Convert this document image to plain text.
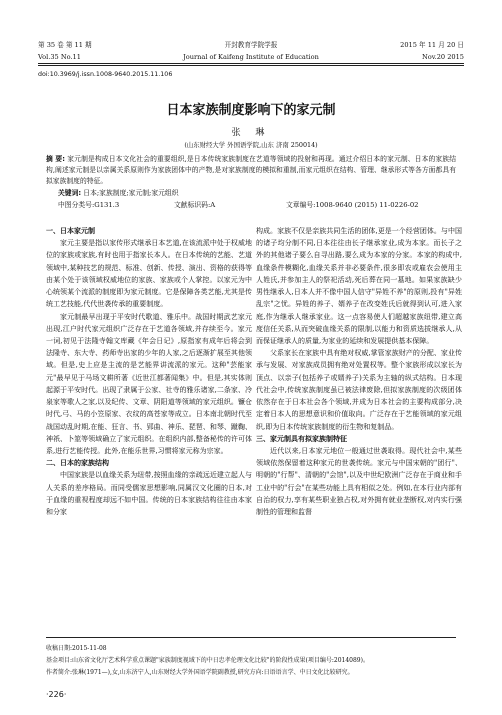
第 35 卷 第 11 期	开封教育学院学报	2015 年 11 月 20 日
Vol.35 No.11	Journal of Kaifeng Institute of Education	Nov.20 2015
doi:10.3969/j.issn.1008-9640.2015.11.106
日本家族制度影响下的家元制
张 琳
(山东财经大学 外国语学院,山东 济南 250014)
摘 要: 家元制是构成日本文化社会的重要组织,是日本传统家族制度在艺道等领域的投射和再现。通过介绍日本的家元制、日本的家族结构,阐述家元制是以亲属关系原则作为家族团体中的产物,是对家族制度的模拟和重制,而家元组织在结构、管理、继承形式等各方面都具有拟家族制度的特征。
关键词: 日本;家族制度;家元制;家元组织
中图分类号:G131.3	文献标识码:A	文章编号:1008-9640 (2015) 11-0226-02
一、日本家元制

家元主要是指以家传形式继承日本艺道,在该流派中处于权威地位的家族或家族,有时也用于指家长本人。在日本传统的艺能、艺道领域中,某种技艺的规范、标准、创新、传授、演出、资格的获得等由某个处于该领域权威地位的家族、家族或个人掌控。以家元为中心统领某个流派的制度即为家元制度。它是保障各类艺能,尤其是传统工艺技能,代代世袭传承的重要制度。

家元制最早出现于平安时代歌道、雅乐中。战国时期武艺家元出现,江户时代家元组织广泛存在于艺道各领域,并存续至今。家元一词,初见于法隆寺翰文库藏《年会日记》,原指家有成年后将会到法隆寺、东大寺、药师寺出家的少年的人家,之后逐渐扩展至其他领域。但是,史上应是主流的是艺能界讲流派的家元。这种"芸能家元"最早见于马场文耕所著《近世江都著闻集》中。但是,其实体则起源于平安时代。出现了隶属于公家、社寺的雅乐诸家,二条家、冷泉家等歌人之家,以及纪传、文章、阴阳道等领域的家元组织。镰仓时代,弓、马的小笠原家、衣纹的高苍家等成立。日本南北朝时代至战国动乱时期,在能、狂言、书、郢曲、神乐、琵琶、和琴、蹴鞠、神祇、卜筮等领域确立了家元组织。在组织内部,整备秘传的许可体系,进行艺能传授。此外,在能乐世界,习惯将家元称为宗家。

二、日本的家族结构

中国家族是以血缘关系为纽带,按照血缘的亲疏远近建立起人与人关系的差序格局。而同受儒家思想影响,同属汉文化圈的日本,对于血缘的重视程度却远不如中国。传统的日本家族结构往往由本家和分家

构成。家族不仅是亲族共同生活的团体,更是一个经营团体。与中国的诸子均分制不同,日本往往由长子继承家业,成为本家。而长子之外的其他诸子要么自寻出路,要么成为本家的分家。本家的构成中,血缘条件模糊化,血缘关系并非必要条件,很多即农或雇农会使用主人姓氏,并参加主人的祭祀活动,死后葬在同一墓地。如果家族缺少男性继承人,日本人并不像中国人信守"异姓不养"的原则,投有"异姓乱宗"之忧。异姓的养子、婿养子在改变姓氏后就得到认可,进入家庭,作为继承人继承家业。这一点容易使人们超越家族纽带,建立高度信任关系,从而突破血缘关系的限制,以能力和资质选拔继承人,从而保证继承人的质量,为家业的延续和发展提供基本保障。

父系家长在家族中具有绝对权威,掌管家族财产的分配、家业传承与发展、对家族成员拥有绝对处置权等。整个家族形成以家长为顶点、以亲子(包括养子或婿养子)关系为主轴的纵式结构。日本现代社会中,传统家族制度虽已被法律废除,但拟家族制度的次级团体依然存在于日本社会各个领域,并成为日本社会的主要构成部分,决定着日本人的思想意识和价值取向。广泛存在于艺能领域的家元组织,即为日本传统家族制度的衍生物和复制品。

三、家元制具有拟家族制特征

近代以来,日本家元地位一般通过世袭取得。现代社会中,某些领域依然保留着这种家元的世袭传统。家元与中国宋朝的"团行"、明朝的"行帮"、清朝的"会馆",以及中世纪欧洲广泛存在于商业和手工业中的"行会"在某些功能上具有相似之处。例如,在本行业内部有自治的权力,享有某些职业独占权,对外拥有就业垄断权,对内实行强制性的管理和监督

收稿日期:2015-11-08
基金项目:山东省文化厅艺术科学重点课题"家族制度视域下的中日忠孝伦理文化比较"的阶段性成果(项目编号:2014089)。
作者简介:张琳(1971—),女,山东济宁人,山东财经大学外国语学院副教授,研究方向:日语语言学、中日文化比较研究。
·226·
